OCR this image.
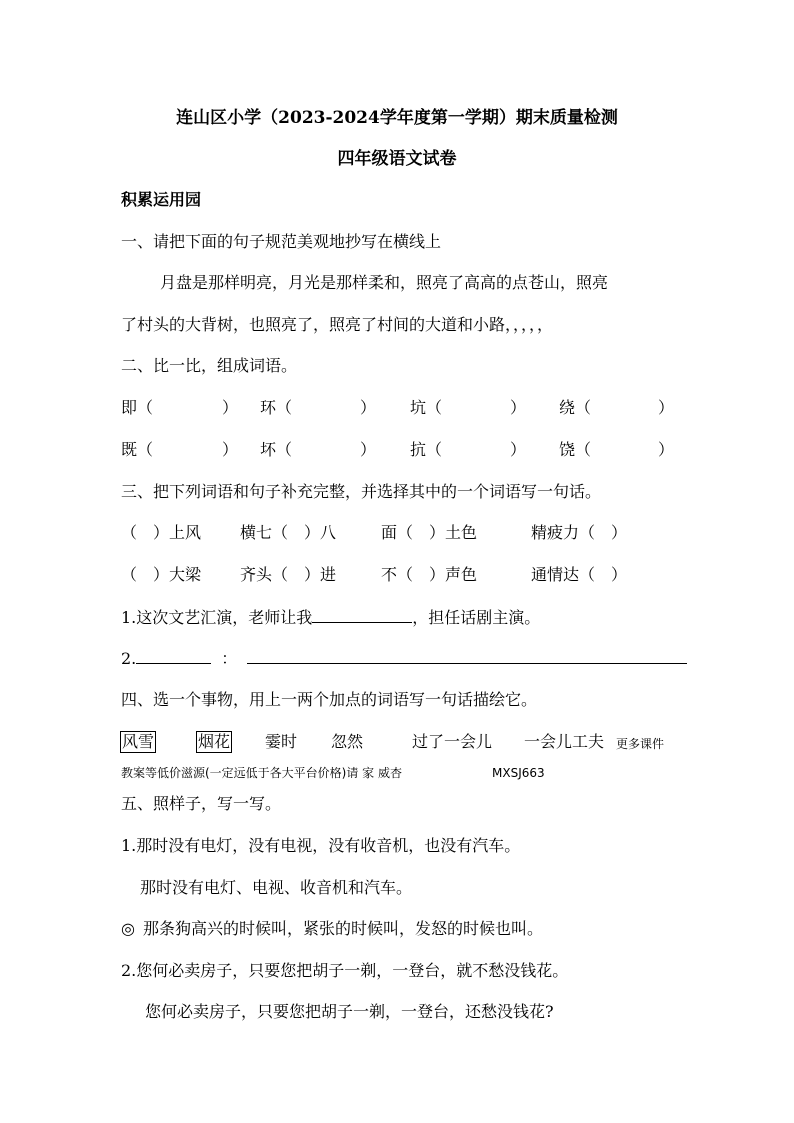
连山区小学（2023-2024学年度第一学期）期末质量检测
四年级语文试卷
积累运用园
一、请把下面的句子规范美观地抄写在横线上
月盘是那样明亮，月光是那样柔和，照亮了高高的点苍山，照亮
了村头的大背树，也照亮了，照亮了村间的大道和小路，，，，，
二、比一比，组成词语。
即（	） 环（	） 坑（	） 绕（	）
既（	） 坏（	） 抗（	） 饶（	）
三、把下列词语和句子补充完整，并选择其中的一个词语写一句话。
（　）上风 横七（　）八	面（　）土色	精疲力（　）
（　）大梁 齐头（　）进	不（　）声色	通情达（　）
1.这次文艺汇演，老师让我	，担任话剧主演。
2.	：
四、选一个事物，用上一两个加点的词语写一句话描绘它。
风雪	烟花 霎时 忽然	过了一会儿 一会儿工夫 更多课件
教案等低价滋源(一定远低于各大平台价格)请 家 威杏	MXSJ663
五、照样子，写一写。
1.那时没有电灯，没有电视，没有收音机，也没有汽车。
那时没有电灯、电视、收音机和汽车。
◎ 那条狗高兴的时候叫，紧张的时候叫，发怒的时候也叫。
2.您何必卖房子，只要您把胡子一剃，一登台，就不愁没钱花。
您何必卖房子，只要您把胡子一剃，一登台，还愁没钱花?
